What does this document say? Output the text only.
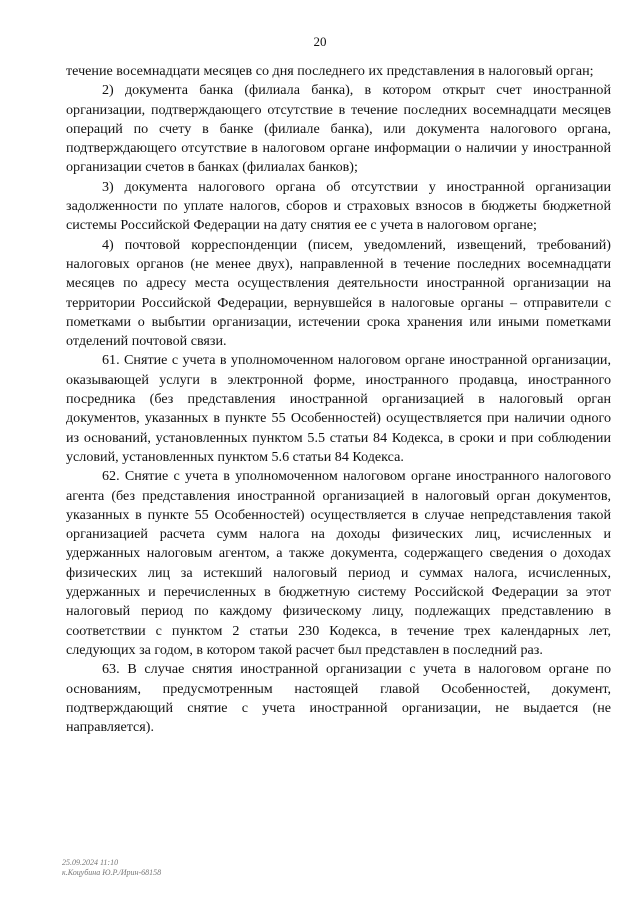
20

течение восемнадцати месяцев со дня последнего их представления в налоговый орган;

2) документа банка (филиала банка), в котором открыт счет иностранной организации, подтверждающего отсутствие в течение последних восемнадцати месяцев операций по счету в банке (филиале банка), или документа налогового органа, подтверждающего отсутствие в налоговом органе информации о наличии у иностранной организации счетов в банках (филиалах банков);

3) документа налогового органа об отсутствии у иностранной организации задолженности по уплате налогов, сборов и страховых взносов в бюджеты бюджетной системы Российской Федерации на дату снятия ее с учета в налоговом органе;

4) почтовой корреспонденции (писем, уведомлений, извещений, требований) налоговых органов (не менее двух), направленной в течение последних восемнадцати месяцев по адресу места осуществления деятельности иностранной организации на территории Российской Федерации, вернувшейся в налоговые органы – отправители с пометками о выбытии организации, истечении срока хранения или иными пометками отделений почтовой связи.

61. Снятие с учета в уполномоченном налоговом органе иностранной организации, оказывающей услуги в электронной форме, иностранного продавца, иностранного посредника (без представления иностранной организацией в налоговый орган документов, указанных в пункте 55 Особенностей) осуществляется при наличии одного из оснований, установленных пунктом 5.5 статьи 84 Кодекса, в сроки и при соблюдении условий, установленных пунктом 5.6 статьи 84 Кодекса.

62. Снятие с учета в уполномоченном налоговом органе иностранного налогового агента (без представления иностранной организацией в налоговый орган документов, указанных в пункте 55 Особенностей) осуществляется в случае непредставления такой организацией расчета сумм налога на доходы физических лиц, исчисленных и удержанных налоговым агентом, а также документа, содержащего сведения о доходах физических лиц за истекший налоговый период и суммах налога, исчисленных, удержанных и перечисленных в бюджетную систему Российской Федерации за этот налоговый период по каждому физическому лицу, подлежащих представлению в соответствии с пунктом 2 статьи 230 Кодекса, в течение трех календарных лет, следующих за годом, в котором такой расчет был представлен в последний раз.

63. В случае снятия иностранной организации с учета в налоговом органе по основаниям, предусмотренным настоящей главой Особенностей, документ, подтверждающий снятие с учета иностранной организации, не выдается (не направляется).

25.09.2024 11:10
к.Коцубина Ю.Р./Ирин-68158
